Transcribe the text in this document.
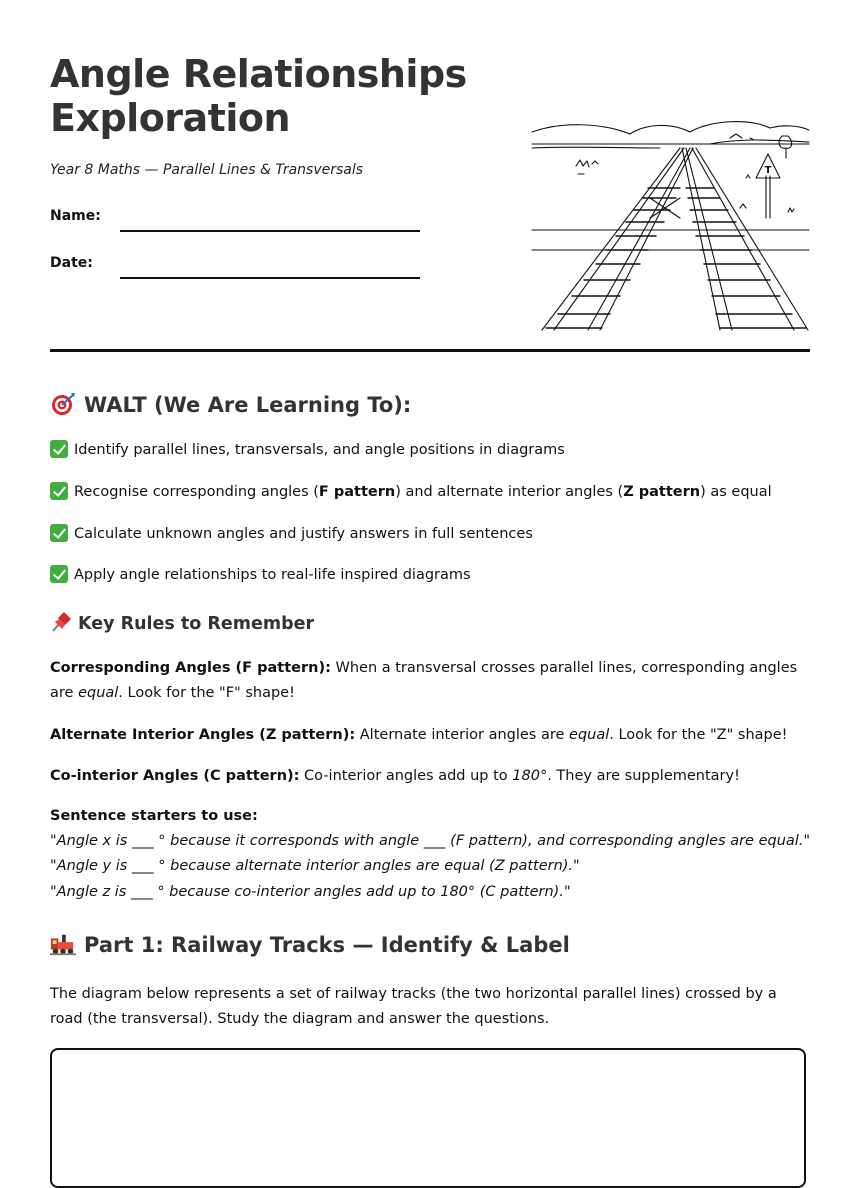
Angle Relationships Exploration
Year 8 Maths — Parallel Lines & Transversals
Name:
Date:
T
WALT (We Are Learning To):
Identify parallel lines, transversals, and angle positions in diagrams
Recognise corresponding angles (F pattern) and alternate interior angles (Z pattern) as equal
Calculate unknown angles and justify answers in full sentences
Apply angle relationships to real-life inspired diagrams
Key Rules to Remember
Corresponding Angles (F pattern): When a transversal crosses parallel lines, corresponding angles are equal. Look for the "F" shape!
Alternate Interior Angles (Z pattern): Alternate interior angles are equal. Look for the "Z" shape!
Co-interior Angles (C pattern): Co-interior angles add up to 180°. They are supplementary!
Sentence starters to use:
"Angle x is ___ ° because it corresponds with angle ___ (F pattern), and corresponding angles are equal."
"Angle y is ___ ° because alternate interior angles are equal (Z pattern)."
"Angle z is ___ ° because co-interior angles add up to 180° (C pattern)."
Part 1: Railway Tracks — Identify & Label
The diagram below represents a set of railway tracks (the two horizontal parallel lines) crossed by a road (the transversal). Study the diagram and answer the questions.
